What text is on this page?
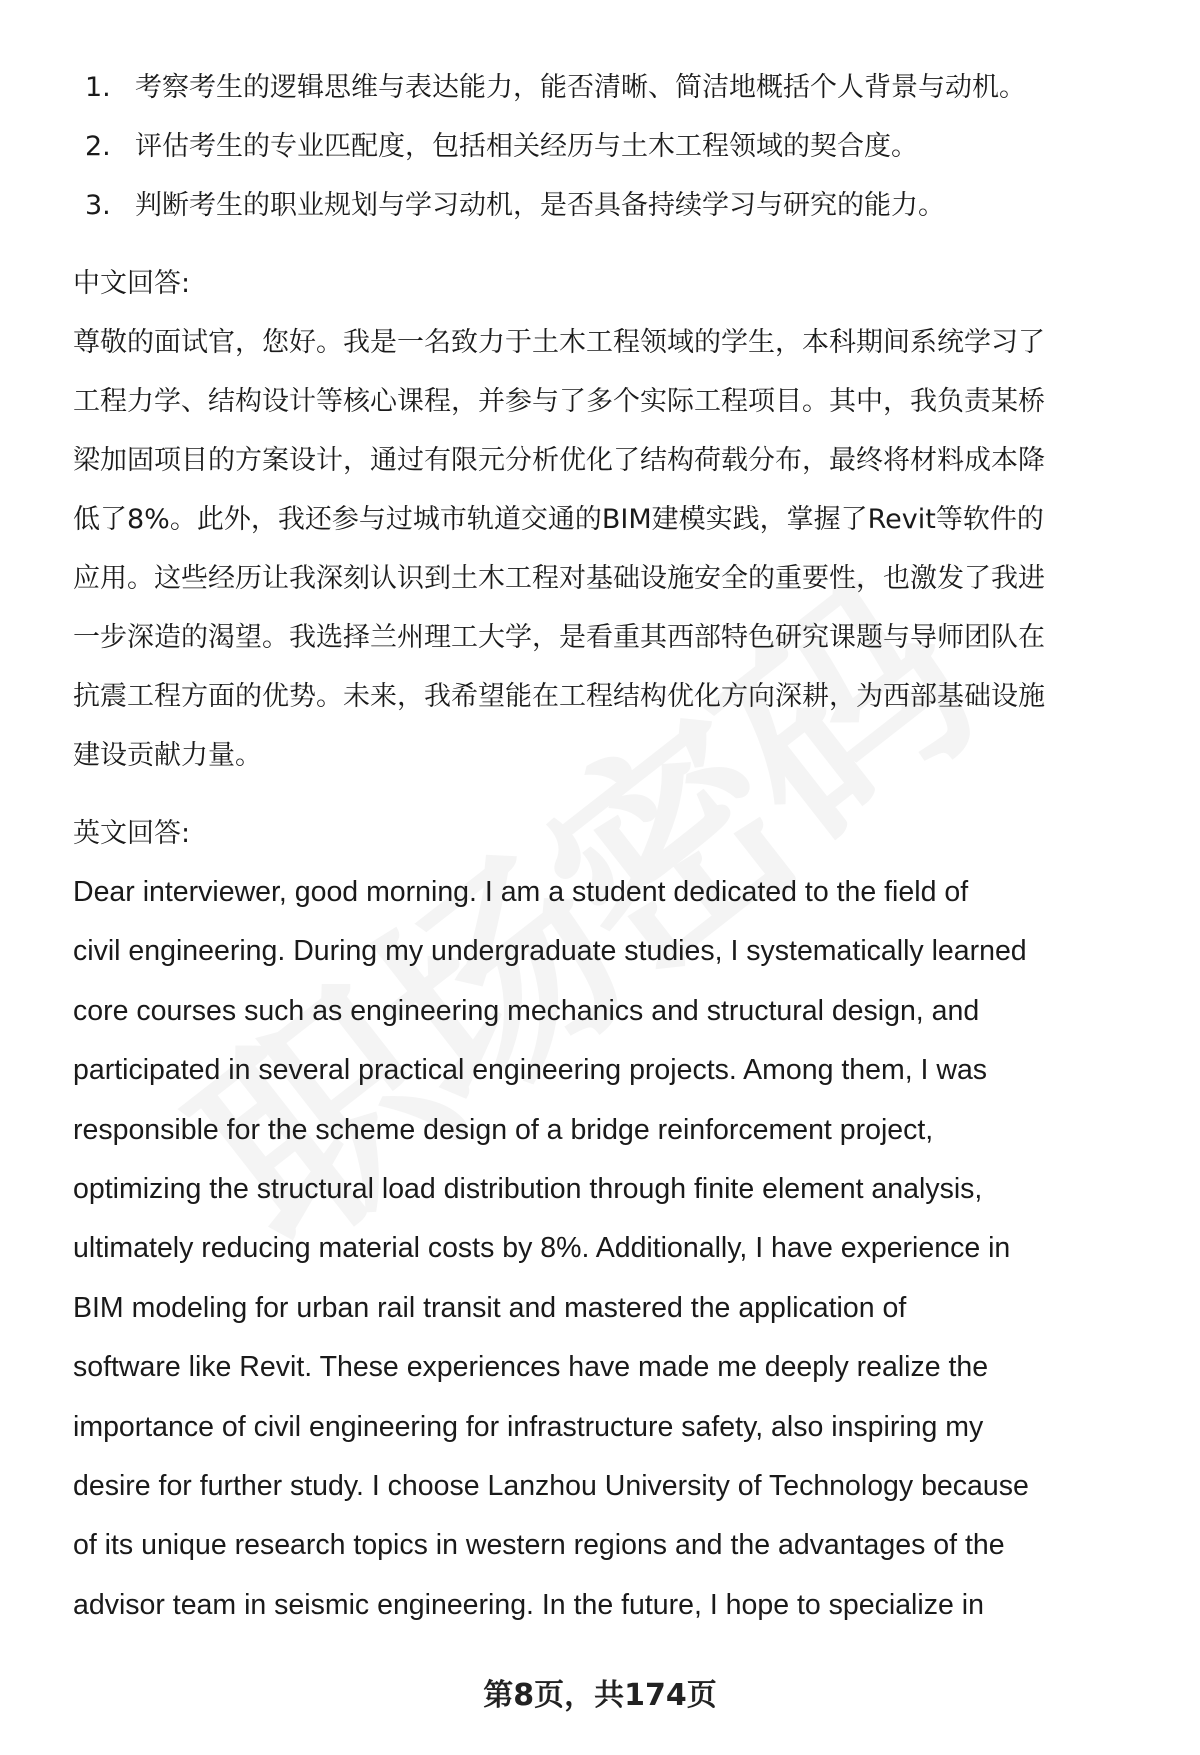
1. 考察考生的逻辑思维与表达能力，能否清晰、简洁地概括个人背景与动机。
2. 评估考生的专业匹配度，包括相关经历与土木工程领域的契合度。
3. 判断考生的职业规划与学习动机，是否具备持续学习与研究的能力。
中文回答:

尊敬的面试官，您好。我是一名致力于土木工程领域的学生，本科期间系统学习了
工程力学、结构设计等核心课程，并参与了多个实际工程项目。其中，我负责某桥
梁加固项目的方案设计，通过有限元分析优化了结构荷载分布，最终将材料成本降
低了8%。此外，我还参与过城市轨道交通的BIM建模实践，掌握了Revit等软件的
应用。这些经历让我深刻认识到土木工程对基础设施安全的重要性，也激发了我进
一步深造的渴望。我选择兰州理工大学，是看重其西部特色研究课题与导师团队在
抗震工程方面的优势。未来，我希望能在工程结构优化方向深耕，为西部基础设施
建设贡献力量。

英文回答:

Dear interviewer, good morning. I am a student dedicated to the field of
civil engineering. During my undergraduate studies, I systematically learned
core courses such as engineering mechanics and structural design, and
participated in several practical engineering projects. Among them, I was
responsible for the scheme design of a bridge reinforcement project,
optimizing the structural load distribution through finite element analysis,
ultimately reducing material costs by 8%. Additionally, I have experience in
BIM modeling for urban rail transit and mastered the application of
software like Revit. These experiences have made me deeply realize the
importance of civil engineering for infrastructure safety, also inspiring my
desire for further study. I choose Lanzhou University of Technology because
of its unique research topics in western regions and the advantages of the
advisor team in seismic engineering. In the future, I hope to specialize in

第8页，共174页
